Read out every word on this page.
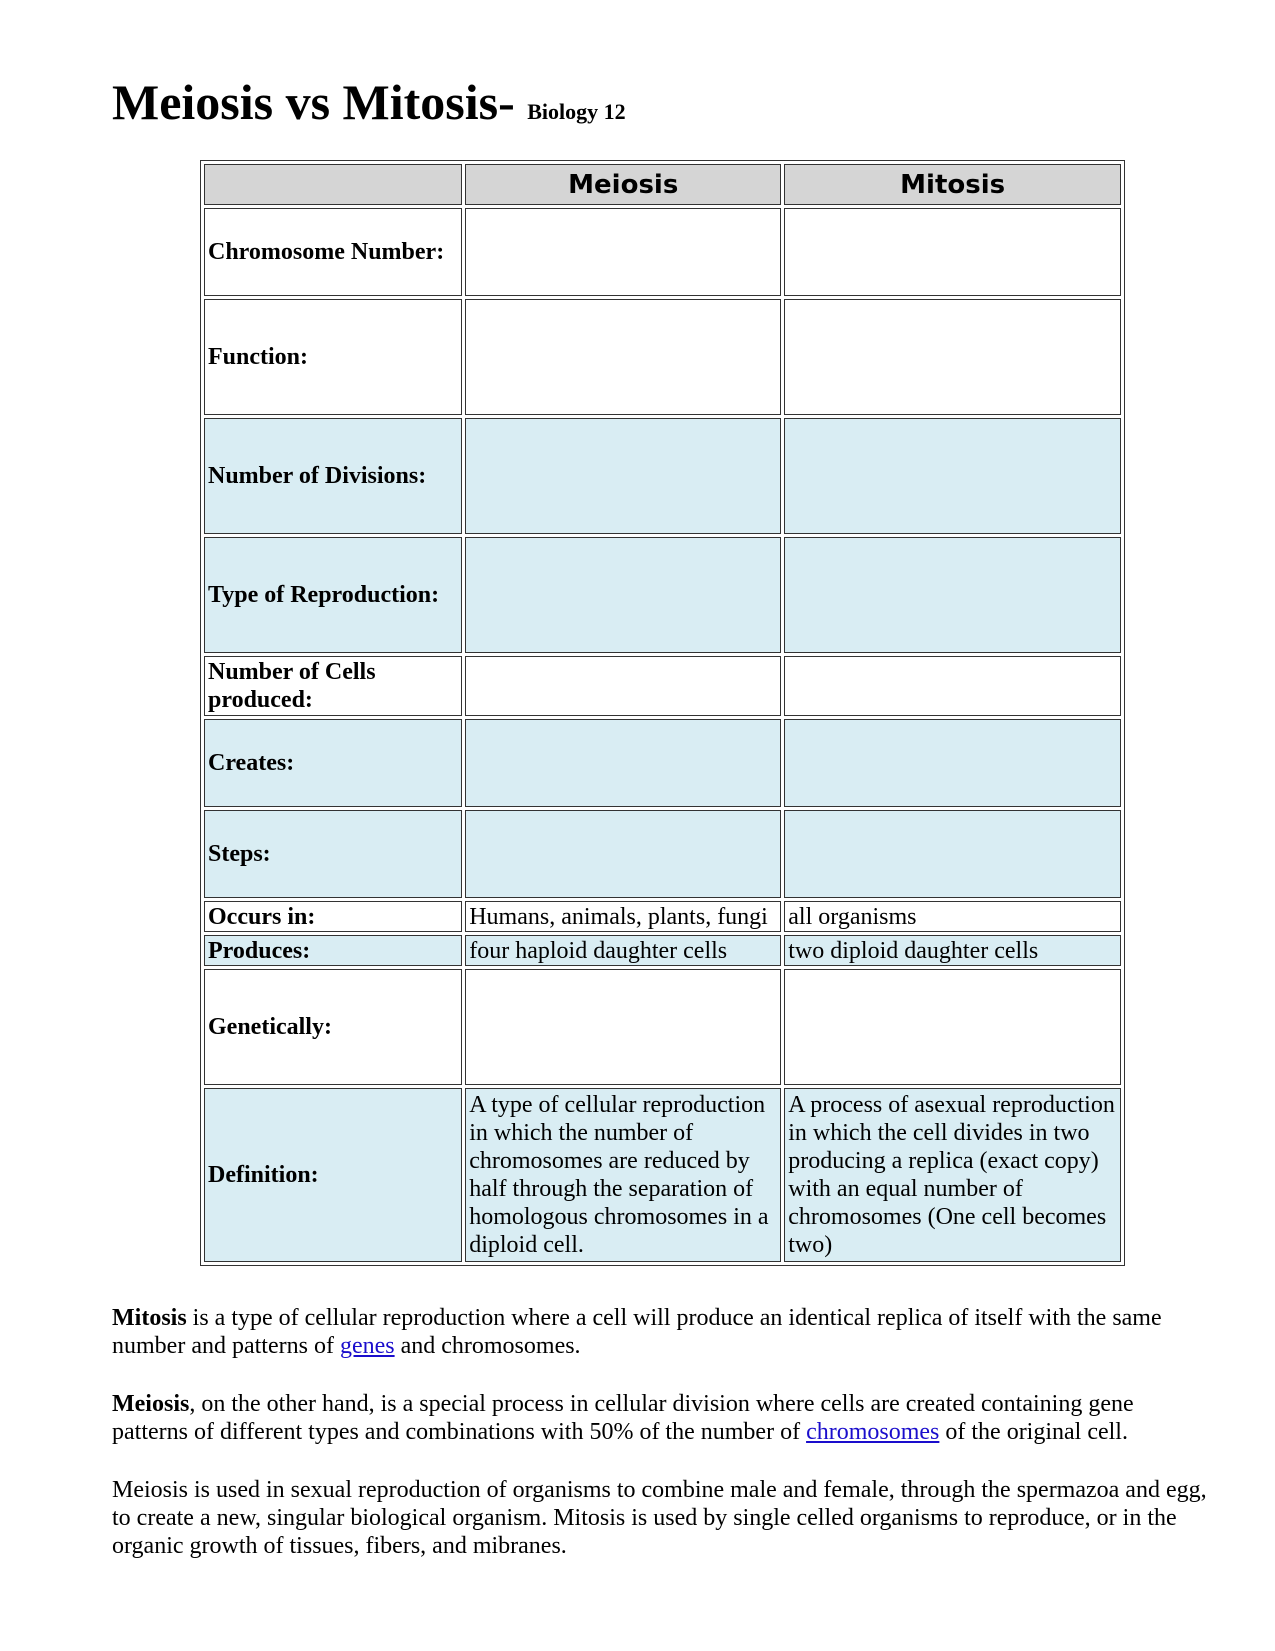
Meiosis vs Mitosis- Biology 12
	Meiosis	Mitosis
Chromosome Number:		
Function:		
Number of Divisions:		
Type of Reproduction:		
Number of Cells produced:		
Creates:		
Steps:		
Occurs in:	Humans, animals, plants, fungi	all organisms
Produces:	four haploid daughter cells	two diploid daughter cells
Genetically:		
Definition:	A type of cellular reproduction in which the number of chromosomes are reduced by half through the separation of homologous chromosomes in a diploid cell.	A process of asexual reproduction in which the cell divides in two producing a replica (exact copy) with an equal number of chromosomes (One cell becomes two)

Mitosis is a type of cellular reproduction where a cell will produce an identical replica of itself with the same number and patterns of genes and chromosomes.

Meiosis, on the other hand, is a special process in cellular division where cells are created containing gene patterns of different types and combinations with 50% of the number of chromosomes of the original cell.

Meiosis is used in sexual reproduction of organisms to combine male and female, through the spermazoa and egg, to create a new, singular biological organism. Mitosis is used by single celled organisms to reproduce, or in the organic growth of tissues, fibers, and mibranes.
